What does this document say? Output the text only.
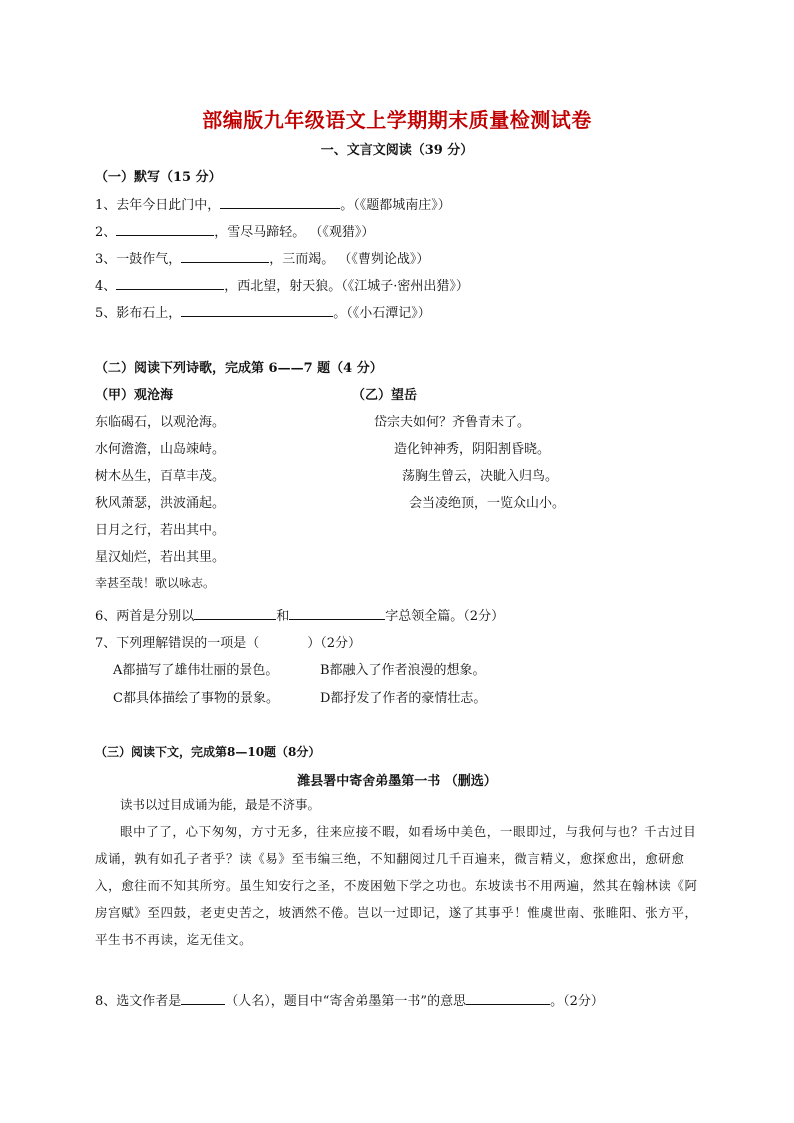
部编版九年级语文上学期期末质量检测试卷
一、文言文阅读（39 分）
（一）默写（15 分）
1、去年今日此门中，	。（《题都城南庄》）
2、	，雪尽马蹄轻。 （《观猎》）
3、一鼓作气，	，三而竭。 （《曹刿论战》）
4、	，西北望，射天狼。（《江城子·密州出猎》）
5、影布石上，	。（《小石潭记》）
（二）阅读下列诗歌，完成第 6——7 题（4 分）
（甲）观沧海	（乙）望岳
东临碣石，以观沧海。
水何澹澹，山岛竦峙。
树木丛生，百草丰茂。
秋风萧瑟，洪波涌起。
日月之行，若出其中。
星汉灿烂，若出其里。
幸甚至哉！歌以咏志。
岱宗夫如何？齐鲁青未了。
造化钟神秀，阴阳割昏晓。
荡胸生曾云，决眦入归鸟。
会当凌绝顶，一览众山小。
6、两首是分别以	和	字总领全篇。（2分）
7、下列理解错误的一项是（	）（2分）
A都描写了雄伟壮丽的景色。	B都融入了作者浪漫的想象。
C都具体描绘了事物的景象。	D都抒发了作者的豪情壮志。
（三）阅读下文，完成第8—10题（8分）
潍县署中寄舍弟墨第一书 （删选）

读书以过目成诵为能，最是不济事。

眼中了了，心下匆匆，方寸无多，往来应接不暇，如看场中美色，一眼即过，与我何与也？千古过目成诵，孰有如孔子者乎？读《易》至韦编三绝，不知翻阅过几千百遍来，微言精义，愈探愈出，愈研愈入，愈往而不知其所穷。虽生知安行之圣，不废困勉下学之功也。东坡读书不用两遍，然其在翰林读《阿房宫赋》至四鼓，老吏史苦之，坡洒然不倦。岂以一过即记，遂了其事乎！惟虞世南、张睢阳、张方平，平生书不再读，迄无佳文。

8、选文作者是	（人名），题目中“寄舍弟墨第一书”的意思	。（2分）
